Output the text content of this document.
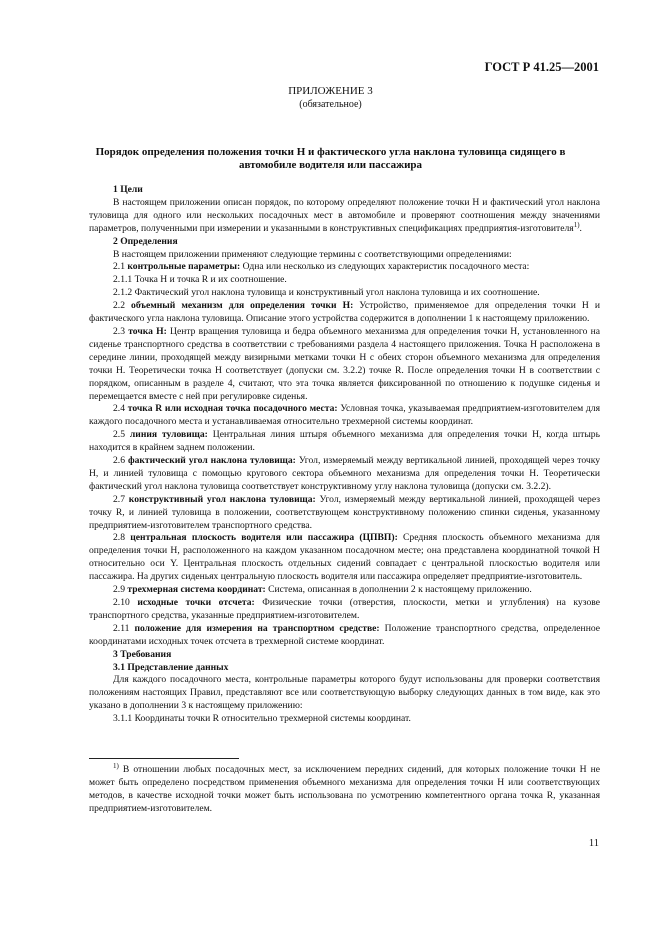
ГОСТ Р 41.25—2001
ПРИЛОЖЕНИЕ 3
(обязательное)
Порядок определения положения точки H и фактического угла наклона туловища сидящего в автомобиле водителя или пассажира

1 Цели

В настоящем приложении описан порядок, по которому определяют положение точки H и фактический угол наклона туловища для одного или нескольких посадочных мест в автомобиле и проверяют соотношения между значениями параметров, полученными при измерении и указанными в конструктивных спецификациях предприятия-изготовителя$^{1)}$.

2 Определения

В настоящем приложении применяют следующие термины с соответствующими определениями:

2.1 контрольные параметры: Одна или несколько из следующих характеристик посадочного места:

2.1.1 Точка H и точка R и их соотношение.

2.1.2 Фактический угол наклона туловища и конструктивный угол наклона туловища и их соотношение.

2.2 объемный механизм для определения точки H: Устройство, применяемое для определения точки H и фактического угла наклона туловища. Описание этого устройства содержится в дополнении 1 к настоящему приложению.

2.3 точка H: Центр вращения туловища и бедра объемного механизма для определения точки H, установленного на сиденье транспортного средства в соответствии с требованиями раздела 4 настоящего приложения. Точка H расположена в середине линии, проходящей между визирными метками точки H с обеих сторон объемного механизма для определения точки H. Теоретически точка H соответствует (допуски см. 3.2.2) точке R. После определения точки H в соответствии с порядком, описанным в разделе 4, считают, что эта точка является фиксированной по отношению к подушке сиденья и перемещается вместе с ней при регулировке сиденья.

2.4 точка R или исходная точка посадочного места: Условная точка, указываемая предприятием-изготовителем для каждого посадочного места и устанавливаемая относительно трехмерной системы координат.

2.5 линия туловища: Центральная линия штыря объемного механизма для определения точки H, когда штырь находится в крайнем заднем положении.

2.6 фактический угол наклона туловища: Угол, измеряемый между вертикальной линией, проходящей через точку H, и линией туловища с помощью кругового сектора объемного механизма для определения точки H. Теоретически фактический угол наклона туловища соответствует конструктивному углу наклона туловища (допуски см. 3.2.2).

2.7 конструктивный угол наклона туловища: Угол, измеряемый между вертикальной линией, проходящей через точку R, и линией туловища в положении, соответствующем конструктивному положению спинки сиденья, указанному предприятием-изготовителем транспортного средства.

2.8 центральная плоскость водителя или пассажира (ЦПВП): Средняя плоскость объемного механизма для определения точки H, расположенного на каждом указанном посадочном месте; она представлена координатной точкой H относительно оси Y. Центральная плоскость отдельных сидений совпадает с центральной плоскостью водителя или пассажира. На других сиденьях центральную плоскость водителя или пассажира определяет предприятие-изготовитель.

2.9 трехмерная система координат: Система, описанная в дополнении 2 к настоящему приложению.

2.10 исходные точки отсчета: Физические точки (отверстия, плоскости, метки и углубления) на кузове транспортного средства, указанные предприятием-изготовителем.

2.11 положение для измерения на транспортном средстве: Положение транспортного средства, определенное координатами исходных точек отсчета в трехмерной системе координат.

3 Требования

3.1 Представление данных

Для каждого посадочного места, контрольные параметры которого будут использованы для проверки соответствия положениям настоящих Правил, представляют все или соответствующую выборку следующих данных в том виде, как это указано в дополнении 3 к настоящему приложению:

3.1.1 Координаты точки R относительно трехмерной системы координат.

$^{1)}$ В отношении любых посадочных мест, за исключением передних сидений, для которых положение точки H не может быть определено посредством применения объемного механизма для определения точки H или соответствующих методов, в качестве исходной точки может быть использована по усмотрению компетентного органа точка R, указанная предприятием-изготовителем.

11
